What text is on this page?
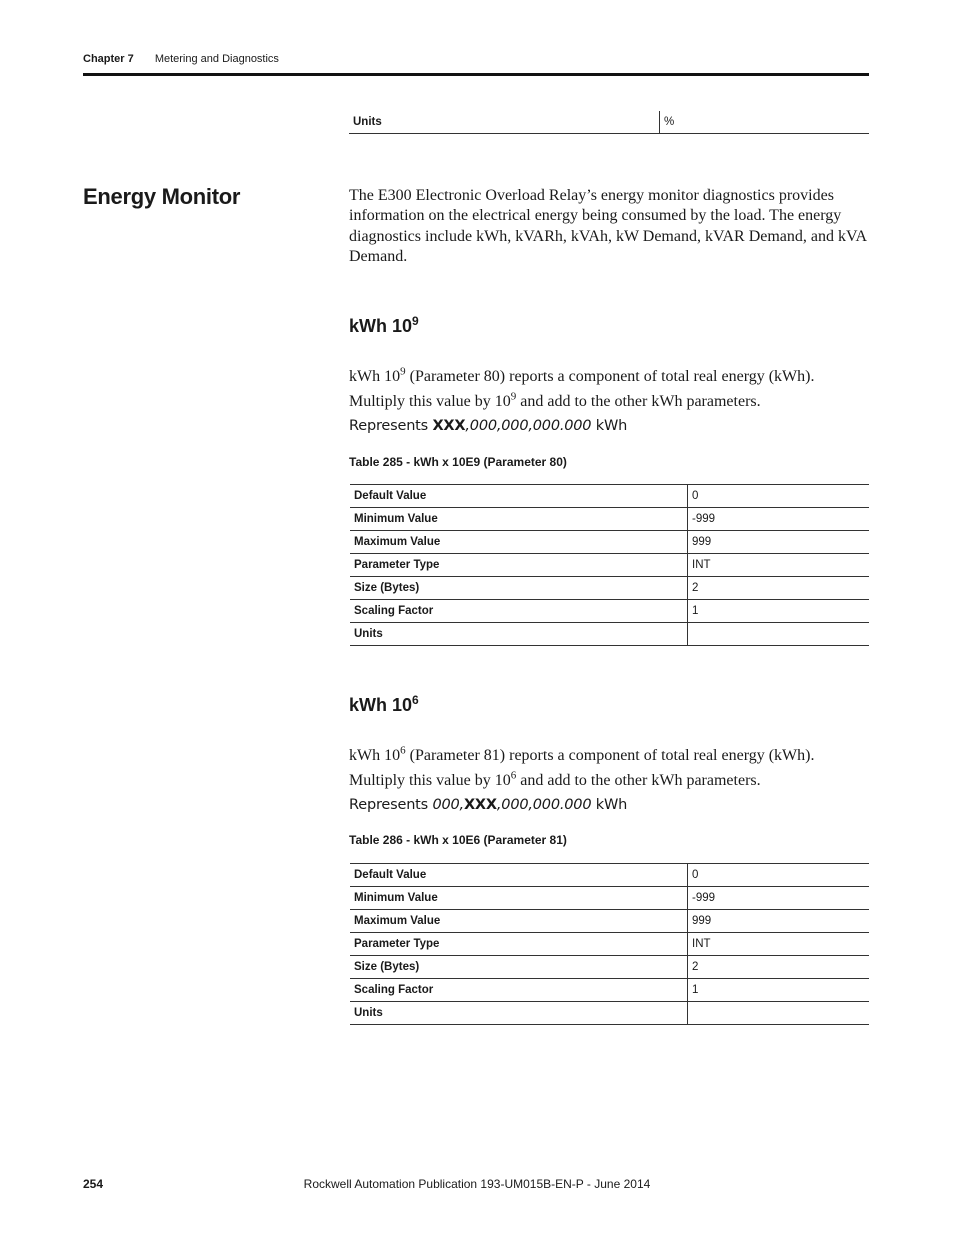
Chapter 7 Metering and Diagnostics
Units	%
Energy Monitor	The E300 Electronic Overload Relay’s energy monitor diagnostics provides information on the electrical energy being consumed by the load. The energy diagnostics include kWh, kVARh, kVAh, kW Demand, kVAR Demand, and kVA Demand.

kWh $10^9$

kWh $10^9$ (Parameter 80) reports a component of total real energy (kWh). Multiply this value by $10^9$ and add to the other kWh parameters.

Represents XXX,000,000,000.000 kWh

Table 285 - kWh x 10E9 (Parameter 80)

Default Value	0
Minimum Value	-999
Maximum Value	999
Parameter Type	INT
Size (Bytes)	2
Scaling Factor	1
Units	
kWh $10^6$

kWh $10^6$ (Parameter 81) reports a component of total real energy (kWh). Multiply this value by $10^6$ and add to the other kWh parameters.

Represents 000,XXX,000,000.000 kWh

Table 286 - kWh x 10E6 (Parameter 81)

Default Value	0
Minimum Value	-999
Maximum Value	999
Parameter Type	INT
Size (Bytes)	2
Scaling Factor	1
Units	
Rockwell Automation Publication 193-UM015B-EN-P - June 2014
254
